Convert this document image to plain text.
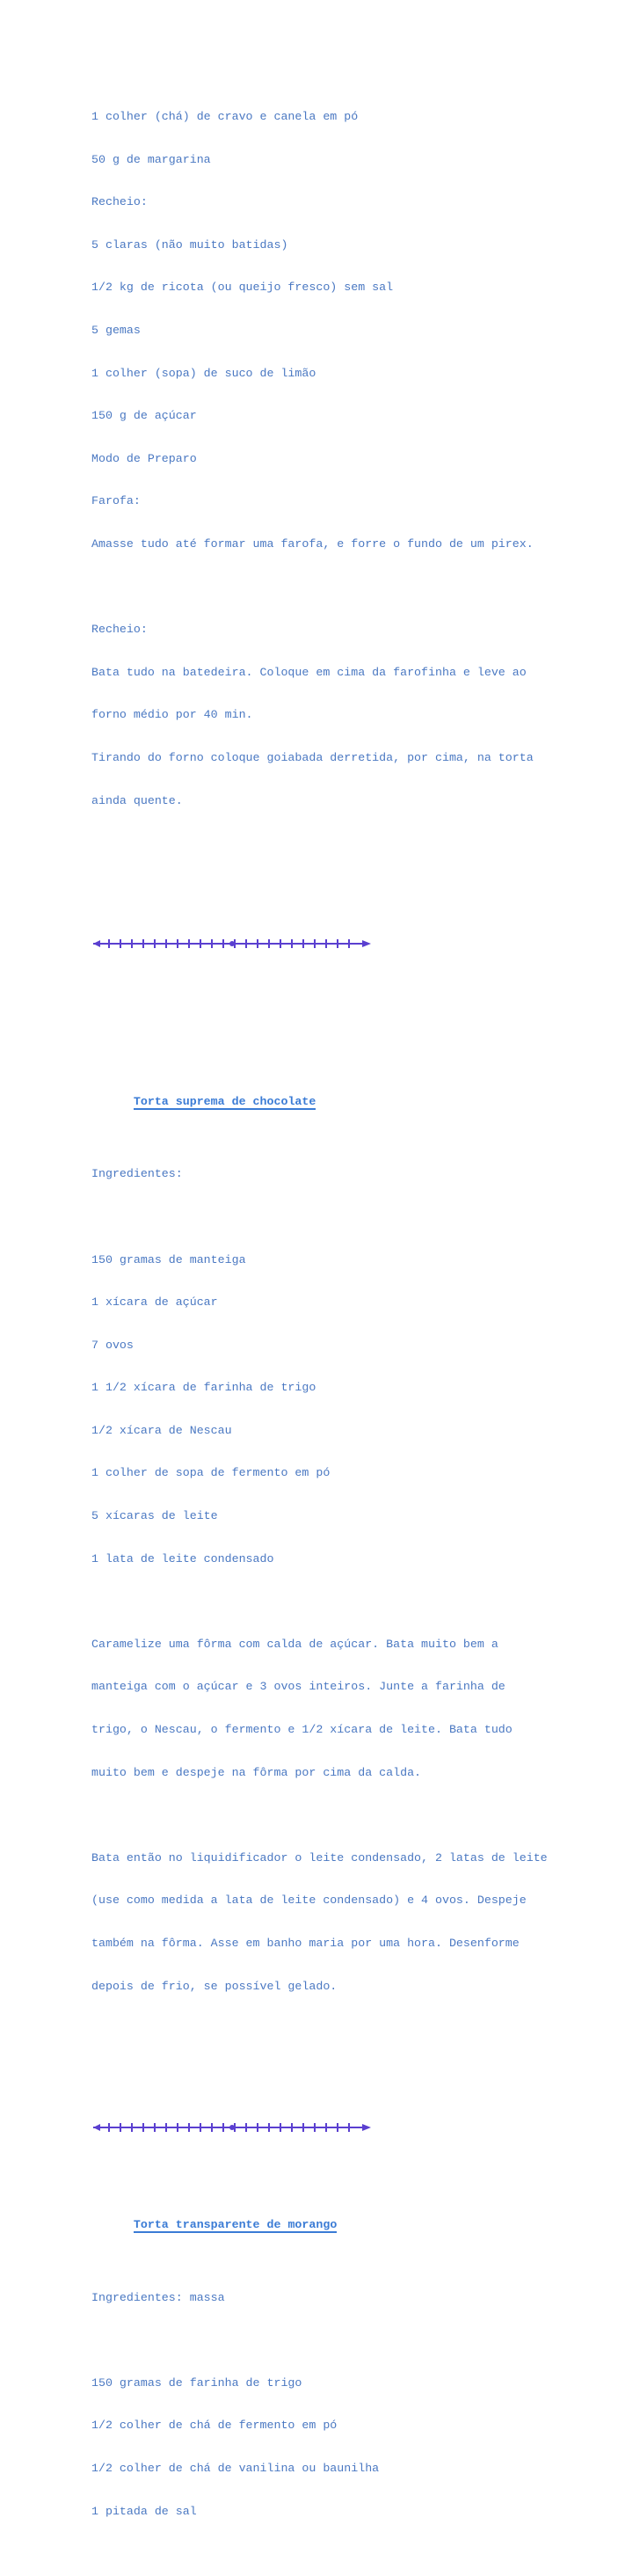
1 colher (chá) de cravo e canela em pó

50 g de margarina

Recheio:

5 claras (não muito batidas)

1/2 kg de ricota (ou queijo fresco) sem sal

5 gemas

1 colher (sopa) de suco de limão

150 g de açúcar

Modo de Preparo

Farofa:

Amasse tudo até formar uma farofa, e forre o fundo de um pirex.

Recheio:

Bata tudo na batedeira. Coloque em cima da farofinha e leve ao

forno médio por 40 min.

Tirando do forno coloque goiabada derretida, por cima, na torta

ainda quente.

Torta suprema de chocolate

Ingredientes:

150 gramas de manteiga

1 xícara de açúcar

7 ovos

1 1/2 xícara de farinha de trigo

1/2 xícara de Nescau

1 colher de sopa de fermento em pó

5 xícaras de leite

1 lata de leite condensado

Caramelize uma fôrma com calda de açúcar. Bata muito bem a

manteiga com o açúcar e 3 ovos inteiros. Junte a farinha de

trigo, o Nescau, o fermento e 1/2 xícara de leite. Bata tudo

muito bem e despeje na fôrma por cima da calda.

Bata então no liquidificador o leite condensado, 2 latas de leite

(use como medida a lata de leite condensado) e 4 ovos. Despeje

também na fôrma. Asse em banho maria por uma hora. Desenforme

depois de frio, se possível gelado.

Torta transparente de morango

Ingredientes: massa

150 gramas de farinha de trigo

1/2 colher de chá de fermento em pó

1/2 colher de chá de vanilina ou baunilha

1 pitada de sal
